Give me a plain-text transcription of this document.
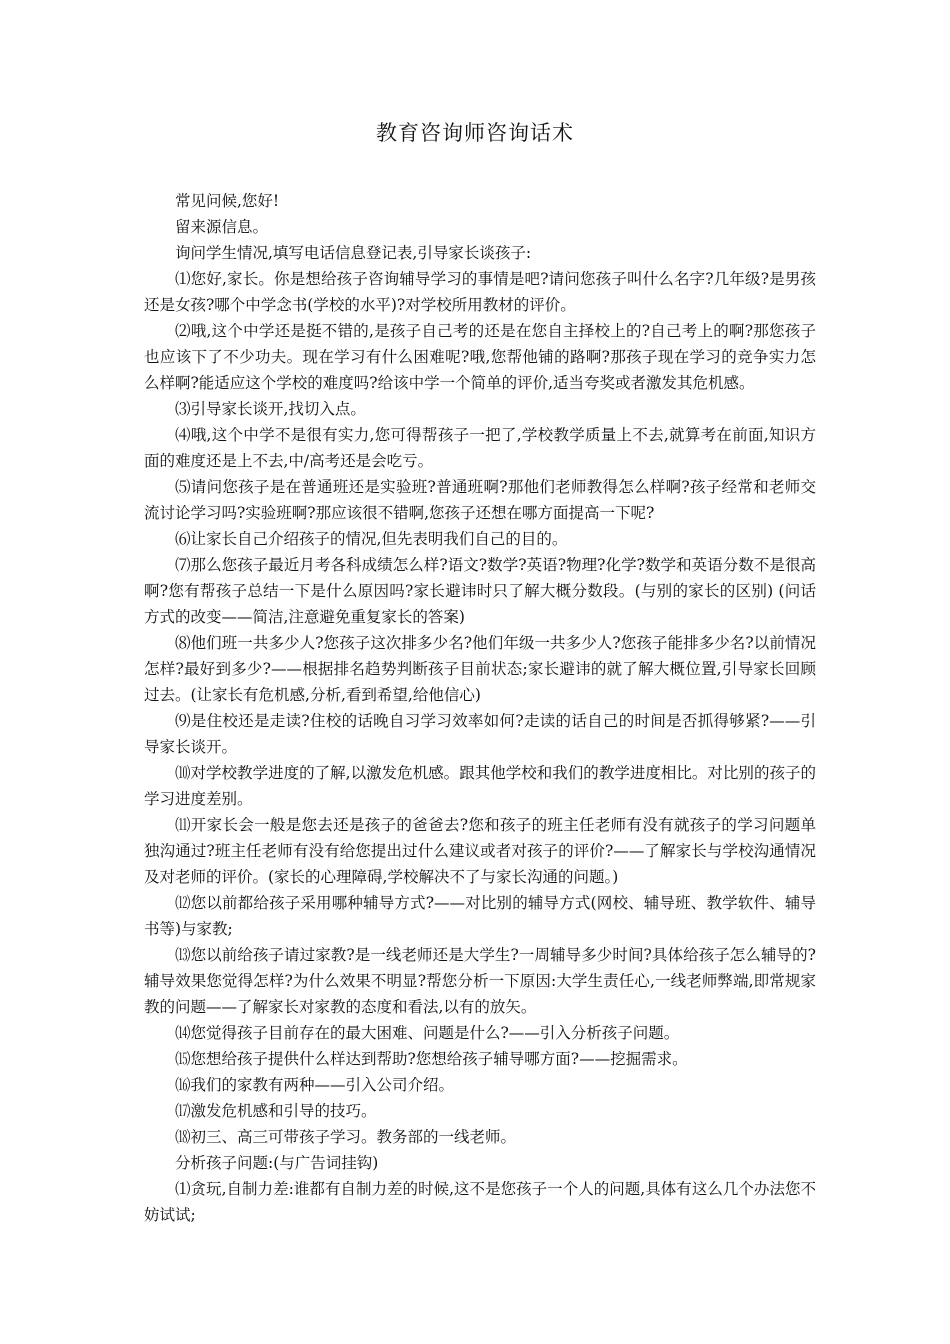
教育咨询师咨询话术

常见问候,您好!

留来源信息。

询问学生情况,填写电话信息登记表,引导家长谈孩子:

⑴您好,家长。你是想给孩子咨询辅导学习的事情是吧?请问您孩子叫什么名字?几年级?是男孩还是女孩?哪个中学念书(学校的水平)?对学校所用教材的评价。

⑵哦,这个中学还是挺不错的,是孩子自己考的还是在您自主择校上的?自己考上的啊?那您孩子也应该下了不少功夫。现在学习有什么困难呢?哦,您帮他铺的路啊?那孩子现在学习的竞争实力怎么样啊?能适应这个学校的难度吗?给该中学一个简单的评价,适当夸奖或者激发其危机感。

⑶引导家长谈开,找切入点。

⑷哦,这个中学不是很有实力,您可得帮孩子一把了,学校教学质量上不去,就算考在前面,知识方面的难度还是上不去,中/高考还是会吃亏。

⑸请问您孩子是在普通班还是实验班?普通班啊?那他们老师教得怎么样啊?孩子经常和老师交流讨论学习吗?实验班啊?那应该很不错啊,您孩子还想在哪方面提高一下呢?

⑹让家长自己介绍孩子的情况,但先表明我们自己的目的。

⑺那么您孩子最近月考各科成绩怎么样?语文?数学?英语?物理?化学?数学和英语分数不是很高啊?您有帮孩子总结一下是什么原因吗?家长避讳时只了解大概分数段。(与别的家长的区别) (问话方式的改变——简洁,注意避免重复家长的答案)

⑻他们班一共多少人?您孩子这次排多少名?他们年级一共多少人?您孩子能排多少名?以前情况怎样?最好到多少?——根据排名趋势判断孩子目前状态;家长避讳的就了解大概位置,引导家长回顾过去。(让家长有危机感,分析,看到希望,给他信心)

⑼是住校还是走读?住校的话晚自习学习效率如何?走读的话自己的时间是否抓得够紧?——引导家长谈开。

⑽对学校教学进度的了解,以激发危机感。跟其他学校和我们的教学进度相比。对比别的孩子的学习进度差别。

⑾开家长会一般是您去还是孩子的爸爸去?您和孩子的班主任老师有没有就孩子的学习问题单独沟通过?班主任老师有没有给您提出过什么建议或者对孩子的评价?——了解家长与学校沟通情况及对老师的评价。(家长的心理障碍,学校解决不了与家长沟通的问题。)

⑿您以前都给孩子采用哪种辅导方式?——对比别的辅导方式(网校、辅导班、教学软件、辅导书等)与家教;

⒀您以前给孩子请过家教?是一线老师还是大学生?一周辅导多少时间?具体给孩子怎么辅导的?辅导效果您觉得怎样?为什么效果不明显?帮您分析一下原因:大学生责任心,一线老师弊端,即常规家教的问题——了解家长对家教的态度和看法,以有的放矢。

⒁您觉得孩子目前存在的最大困难、问题是什么?——引入分析孩子问题。

⒂您想给孩子提供什么样达到帮助?您想给孩子辅导哪方面?——挖掘需求。

⒃我们的家教有两种——引入公司介绍。

⒄激发危机感和引导的技巧。

⒅初三、高三可带孩子学习。教务部的一线老师。

分析孩子问题:(与广告词挂钩)

⑴贪玩,自制力差:谁都有自制力差的时候,这不是您孩子一个人的问题,具体有这么几个办法您不妨试试;
